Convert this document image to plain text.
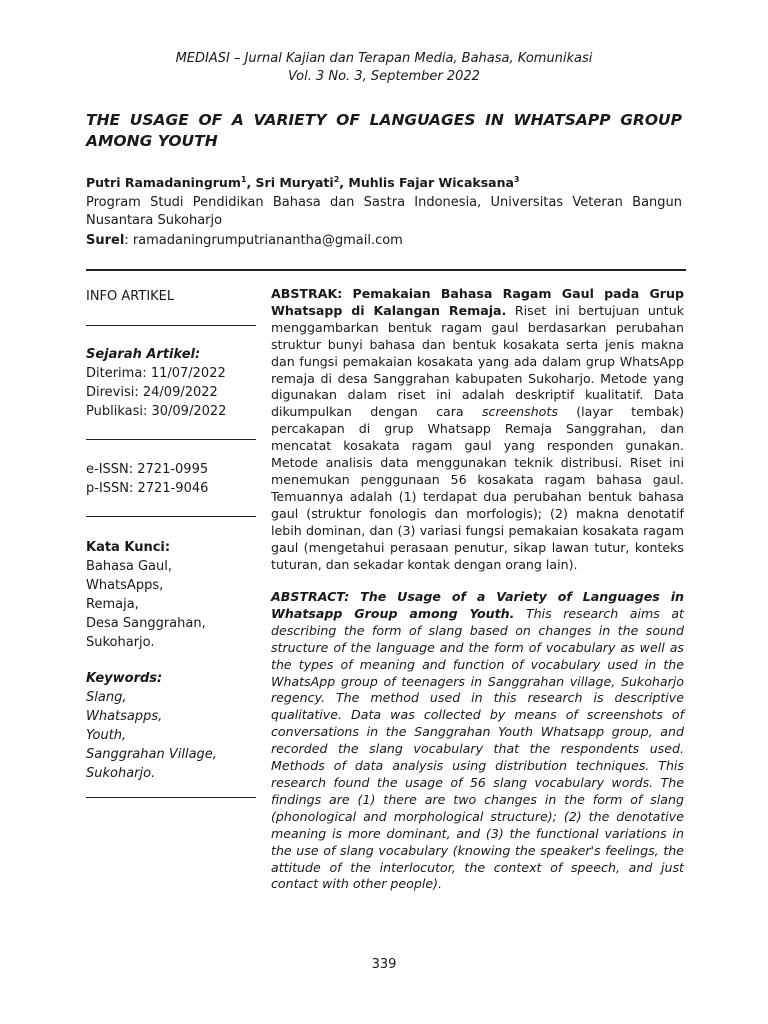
MEDIASI – Jurnal Kajian dan Terapan Media, Bahasa, Komunikasi
Vol. 3 No. 3, September 2022
THE USAGE OF A VARIETY OF LANGUAGES IN WHATSAPP GROUP AMONG YOUTH

Putri Ramadaningrum$^1$, Sri Muryati$^2$, Muhlis Fajar Wicaksana$^3$

Program Studi Pendidikan Bahasa dan Sastra Indonesia, Universitas Veteran Bangun Nusantara Sukoharjo

Surel: ramadaningrumputriananth​a@gmail.com

INFO ARTIKEL
Sejarah Artikel:
Diterima: 11/07/2022
Direvisi: 24/09/2022
Publikasi: 30/09/2022
e-ISSN: 2721-0995
p-ISSN: 2721-9046
Kata Kunci:
Bahasa Gaul,
WhatsApps,
Remaja,
Desa Sanggrahan,
Sukoharjo.
Keywords:
Slang,
Whatsapps,
Youth,
Sanggrahan Village,
Sukoharjo.

ABSTRAK: Pemakaian Bahasa Ragam Gaul pada Grup Whatsapp di Kalangan Remaja. Riset ini bertujuan untuk menggambarkan bentuk ragam gaul berdasarkan perubahan struktur bunyi bahasa dan bentuk kosakata serta jenis makna dan fungsi pemakaian kosakata yang ada dalam grup WhatsApp remaja di desa Sanggrahan kabupaten Sukoharjo. Metode yang digunakan dalam riset ini adalah deskriptif kualitatif. Data dikumpulkan dengan cara screenshots (layar tembak) percakapan di grup Whatsapp Remaja Sanggrahan, dan mencatat kosakata ragam gaul yang responden gunakan. Metode analisis data menggunakan teknik distribusi. Riset ini menemukan penggunaan 56 kosakata ragam bahasa gaul. Temuannya adalah (1) terdapat dua perubahan bentuk bahasa gaul (struktur fonologis dan morfologis); (2) makna denotatif lebih dominan, dan (3) variasi fungsi pemakaian kosakata ragam gaul (mengetahui perasaan penutur, sikap lawan tutur, konteks tuturan, dan sekadar kontak dengan orang lain).

ABSTRACT: The Usage of a Variety of Languages in Whatsapp Group among Youth. This research aims at describing the form of slang based on changes in the sound structure of the language and the form of vocabulary as well as the types of meaning and function of vocabulary used in the WhatsApp group of teenagers in Sanggrahan village, Sukoharjo regency. The method used in this research is descriptive qualitative. Data was collected by means of screenshots of conversations in the Sanggrahan Youth Whatsapp group, and recorded the slang vocabulary that the respondents used. Methods of data analysis using distribution techniques. This research found the usage of 56 slang vocabulary words. The findings are (1) there are two changes in the form of slang (phonological and morphological structure); (2) the denotative meaning is more dominant, and (3) the functional variations in the use of slang vocabulary (knowing the speaker's feelings, the attitude of the interlocutor, the context of speech, and just contact with other people).

339
